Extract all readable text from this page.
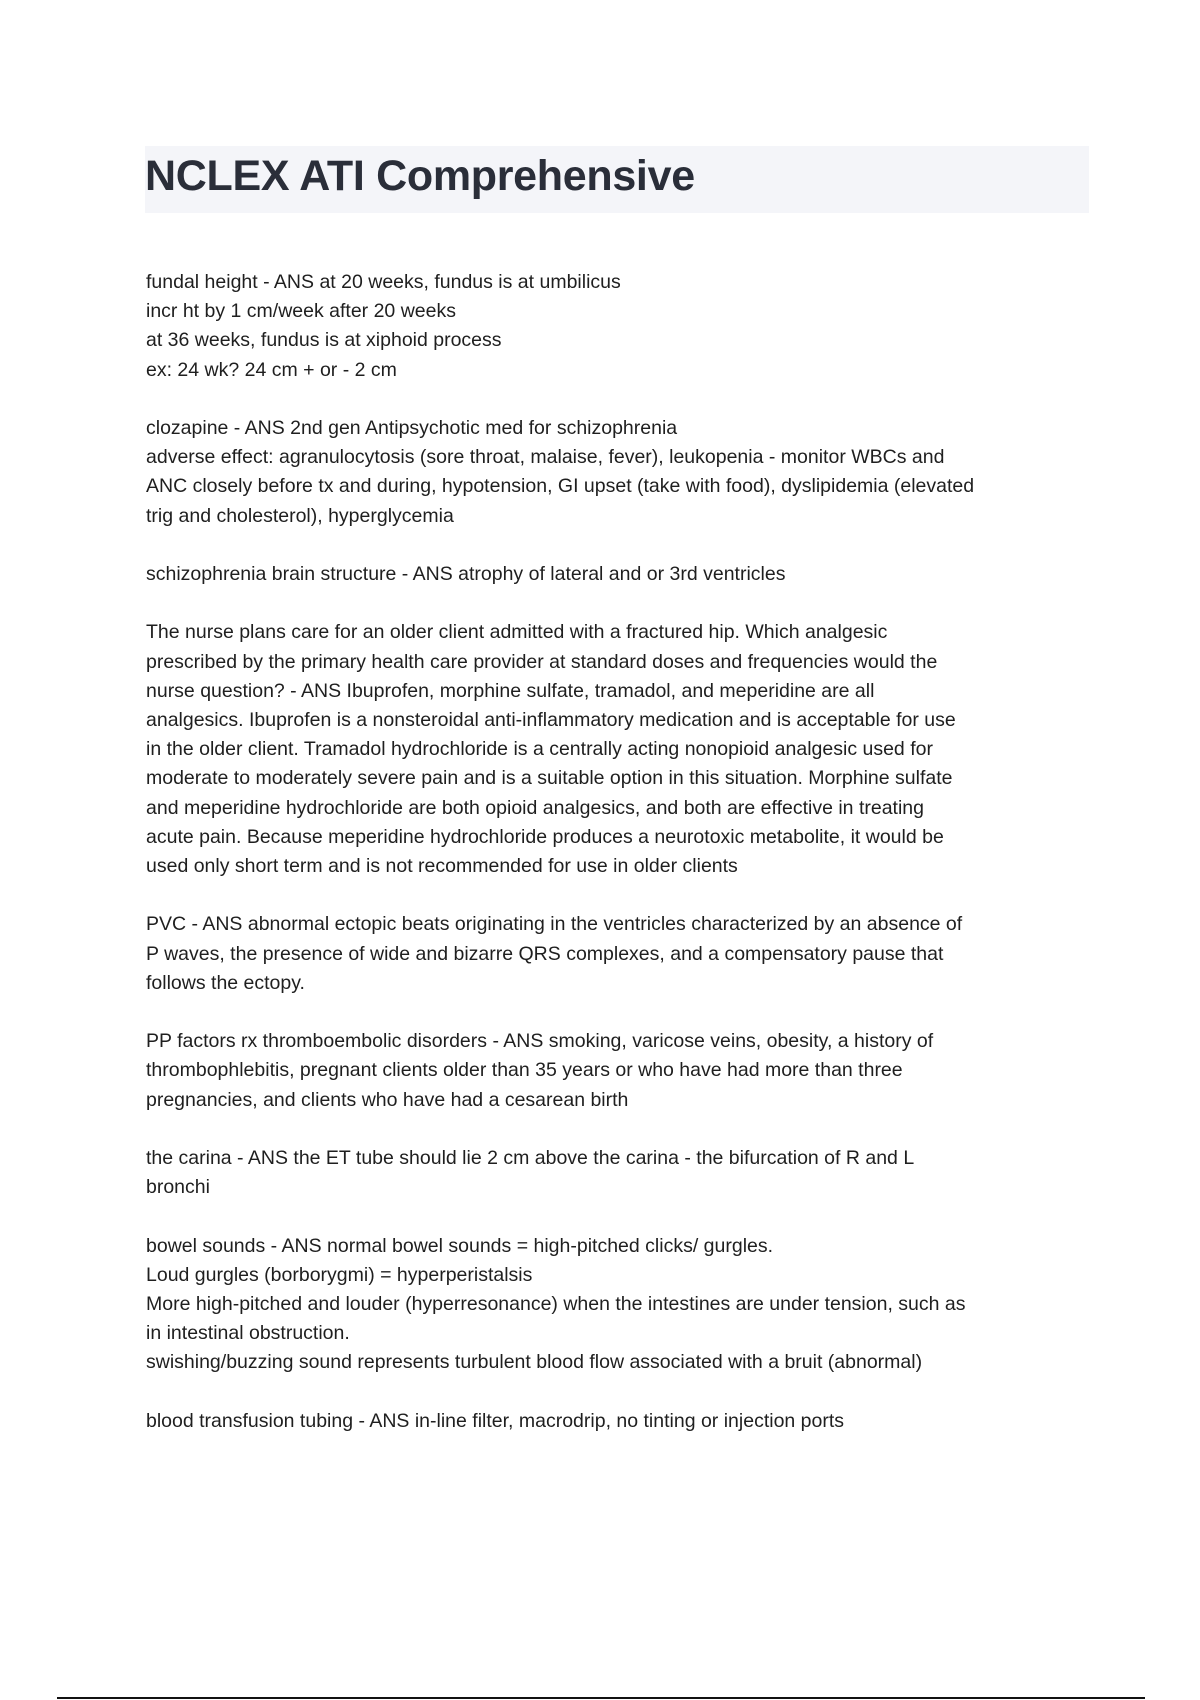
NCLEX ATI Comprehensive

fundal height - ANS at 20 weeks, fundus is at umbilicus
incr ht by 1 cm/week after 20 weeks
at 36 weeks, fundus is at xiphoid process
ex: 24 wk? 24 cm + or - 2 cm

clozapine - ANS 2nd gen Antipsychotic med for schizophrenia
adverse effect: agranulocytosis (sore throat, malaise, fever), leukopenia - monitor WBCs and
ANC closely before tx and during, hypotension, GI upset (take with food), dyslipidemia (elevated
trig and cholesterol), hyperglycemia

schizophrenia brain structure - ANS atrophy of lateral and or 3rd ventricles

The nurse plans care for an older client admitted with a fractured hip. Which analgesic
prescribed by the primary health care provider at standard doses and frequencies would the
nurse question? - ANS Ibuprofen, morphine sulfate, tramadol, and meperidine are all
analgesics. Ibuprofen is a nonsteroidal anti-inflammatory medication and is acceptable for use
in the older client. Tramadol hydrochloride is a centrally acting nonopioid analgesic used for
moderate to moderately severe pain and is a suitable option in this situation. Morphine sulfate
and meperidine hydrochloride are both opioid analgesics, and both are effective in treating
acute pain. Because meperidine hydrochloride produces a neurotoxic metabolite, it would be
used only short term and is not recommended for use in older clients

PVC - ANS abnormal ectopic beats originating in the ventricles characterized by an absence of
P waves, the presence of wide and bizarre QRS complexes, and a compensatory pause that
follows the ectopy.

PP factors rx thromboembolic disorders - ANS smoking, varicose veins, obesity, a history of
thrombophlebitis, pregnant clients older than 35 years or who have had more than three
pregnancies, and clients who have had a cesarean birth

the carina - ANS the ET tube should lie 2 cm above the carina - the bifurcation of R and L
bronchi

bowel sounds - ANS normal bowel sounds = high-pitched clicks/ gurgles.
Loud gurgles (borborygmi) = hyperperistalsis
More high-pitched and louder (hyperresonance) when the intestines are under tension, such as
in intestinal obstruction.
swishing/buzzing sound represents turbulent blood flow associated with a bruit (abnormal)

blood transfusion tubing - ANS in-line filter, macrodrip, no tinting or injection ports
